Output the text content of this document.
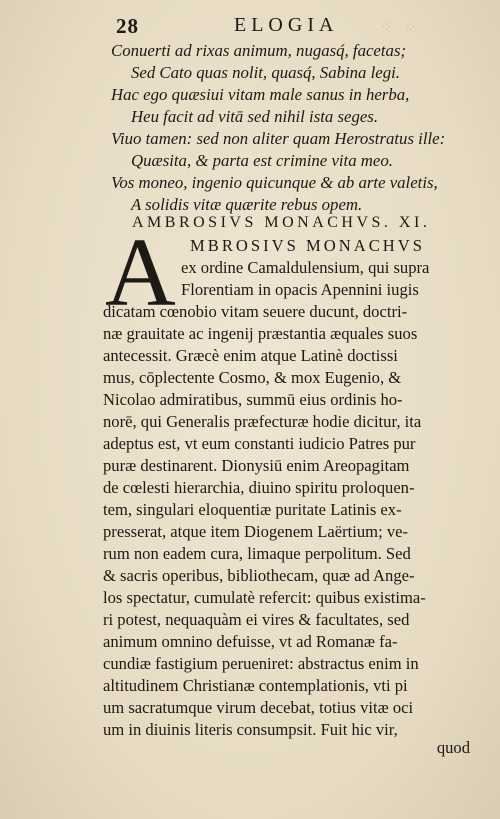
⁘ ⁘
28	ELOGIA
Conuerti ad rixas animum, nugasq́, facetas;
Sed Cato quas nolit, quasq́, Sabina legi.
Hac ego quæsiui vitam male sanus in herba,
Heu facit ad vitā sed nihil ista seges.
Viuo tamen: sed non aliter quam Herostratus ille:
Quæsita, & parta est crimine vita meo.
Vos moneo, ingenio quicunque & ab arte valetis,
A solidis vitæ quærite rebus opem.
AMBROSIVS MONACHVS. XI.
A MBROSIVS MONACHVS
ex ordine Camaldulensium, qui supra
Florentiam in opacis Apennini iugis
dicatam cœnobio vitam seuere ducunt, doctri-
næ grauitate ac ingenij præstantia æquales suos
antecessit. Græcè enim atque Latinè doctissi
mus, cōplectente Cosmo, & mox Eugenio, &
Nicolao admiratibus, summū eius ordinis ho-
norē, qui Generalis præfecturæ hodie dicitur, ita
adeptus est, vt eum constanti iudicio Patres pur
puræ destinarent. Dionysiū enim Areopagitam
de cœlesti hierarchia, diuino spiritu proloquen-
tem, singulari eloquentiæ puritate Latinis ex-
presserat, atque item Diogenem Laërtium; ve-
rum non eadem cura, limaque perpolitum. Sed
& sacris operibus, bibliothecam, quæ ad Ange-
los spectatur, cumulatè refercit: quibus existima-
ri potest, nequaquàm ei vires & facultates, sed
animum omnino defuisse, vt ad Romanæ fa-
cundiæ fastigium perueniret: abstractus enim in
altitudinem Christianæ contemplationis, vti pi
um sacratumque virum decebat, totius vitæ oci
um in diuinis literis consumpsit. Fuit hic vir,
quod
